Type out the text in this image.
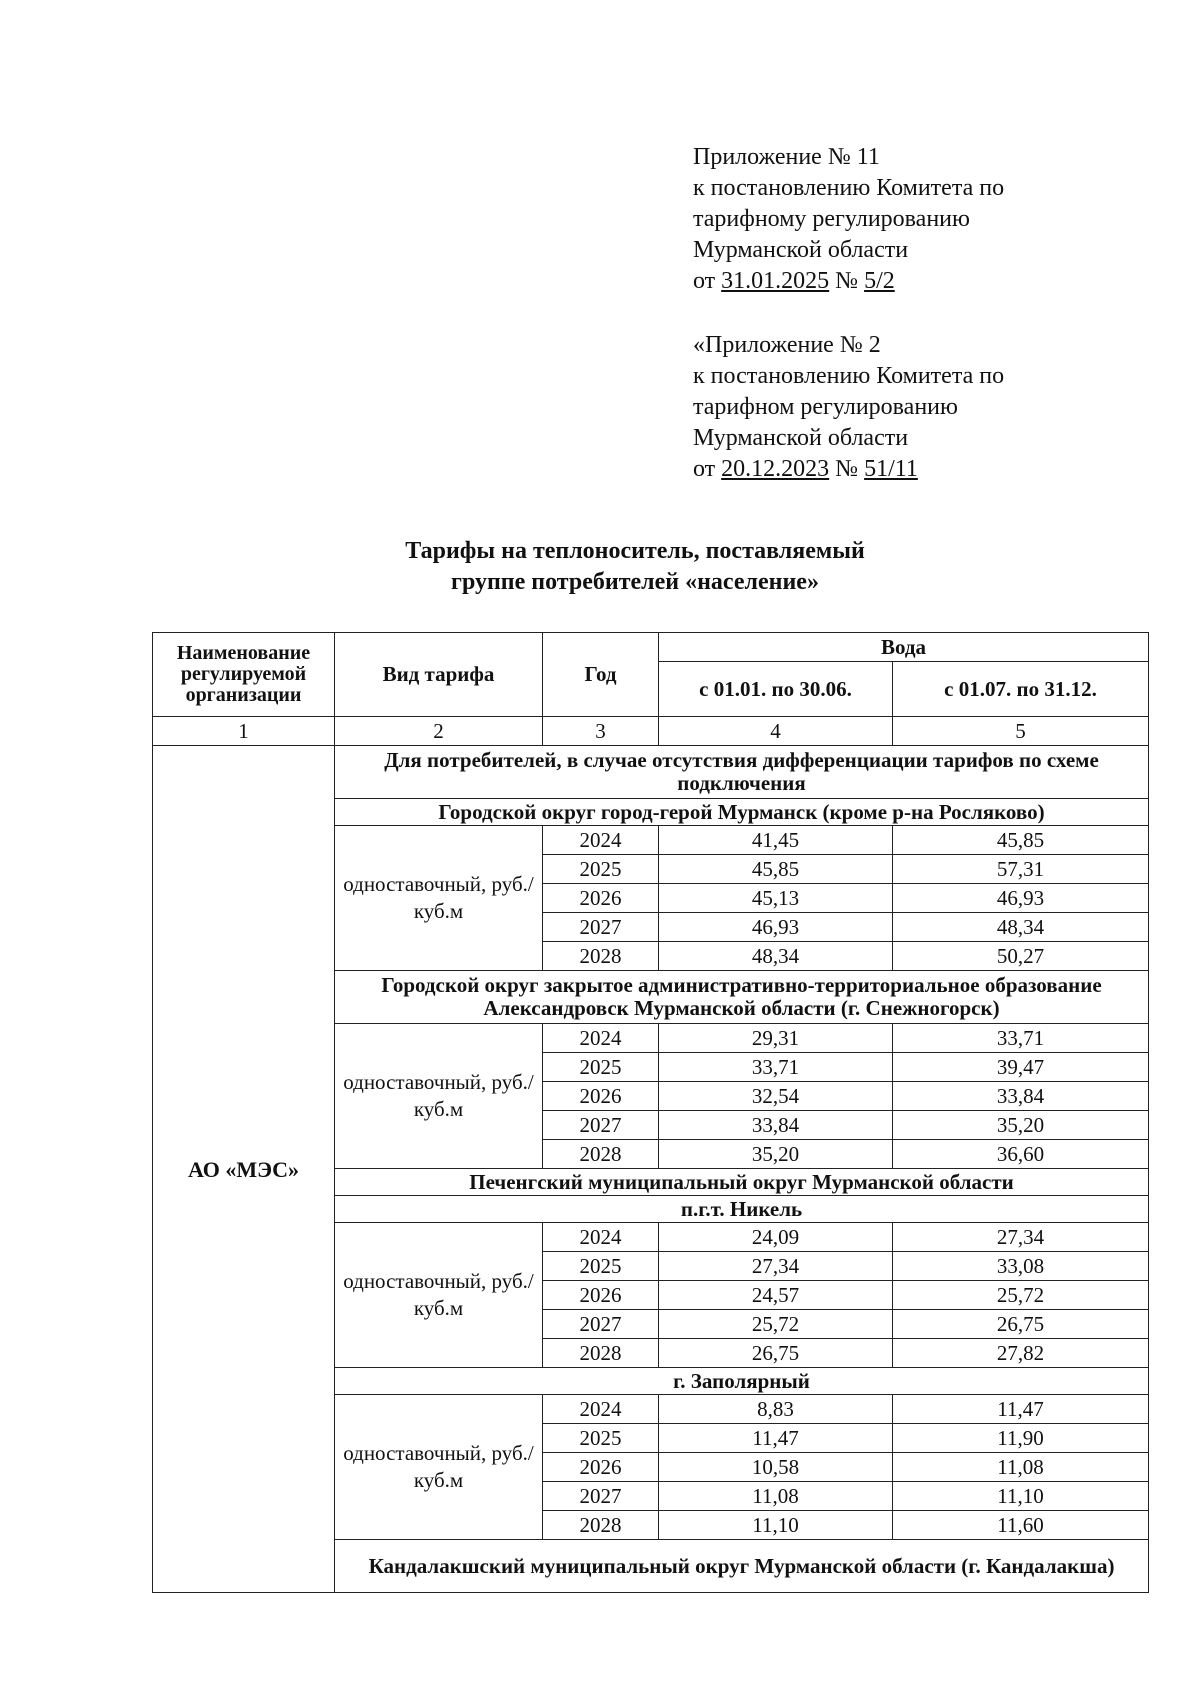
Приложение № 11
к постановлению Комитета по
тарифному регулированию
Мурманской области
от 31.01.2025 № 5/2
«Приложение № 2
к постановлению Комитета по
тарифном регулированию
Мурманской области
от 20.12.2023 № 51/11
Тарифы на теплоноситель, поставляемый
группе потребителей «население»
Наименование регулируемой организации	Вид тарифа	Год	Вода	
			с 01.01. по 30.06.	с 01.07. по 31.12.
1	2	3	4	5
АО «МЭС»	Для потребителей, в случае отсутствия дифференциации тарифов по схеме подключения			
	Городской округ город-герой Мурманск (кроме р-на Росляково)			
	одноставочный, руб./куб.м	2024	41,45	45,85
		2025	45,85	57,31
		2026	45,13	46,93
		2027	46,93	48,34
		2028	48,34	50,27
	Городской округ закрытое административно-территориальное образование Александровск Мурманской области (г. Снежногорск)			
	одноставочный, руб./куб.м	2024	29,31	33,71
		2025	33,71	39,47
		2026	32,54	33,84
		2027	33,84	35,20
		2028	35,20	36,60
	Печенгский муниципальный округ Мурманской области			
	п.г.т. Никель			
	одноставочный, руб./куб.м	2024	24,09	27,34
		2025	27,34	33,08
		2026	24,57	25,72
		2027	25,72	26,75
		2028	26,75	27,82
	г. Заполярный			
	одноставочный, руб./куб.м	2024	8,83	11,47
		2025	11,47	11,90
		2026	10,58	11,08
		2027	11,08	11,10
		2028	11,10	11,60
	Кандалакшский муниципальный округ Мурманской области (г. Кандалакша)			
